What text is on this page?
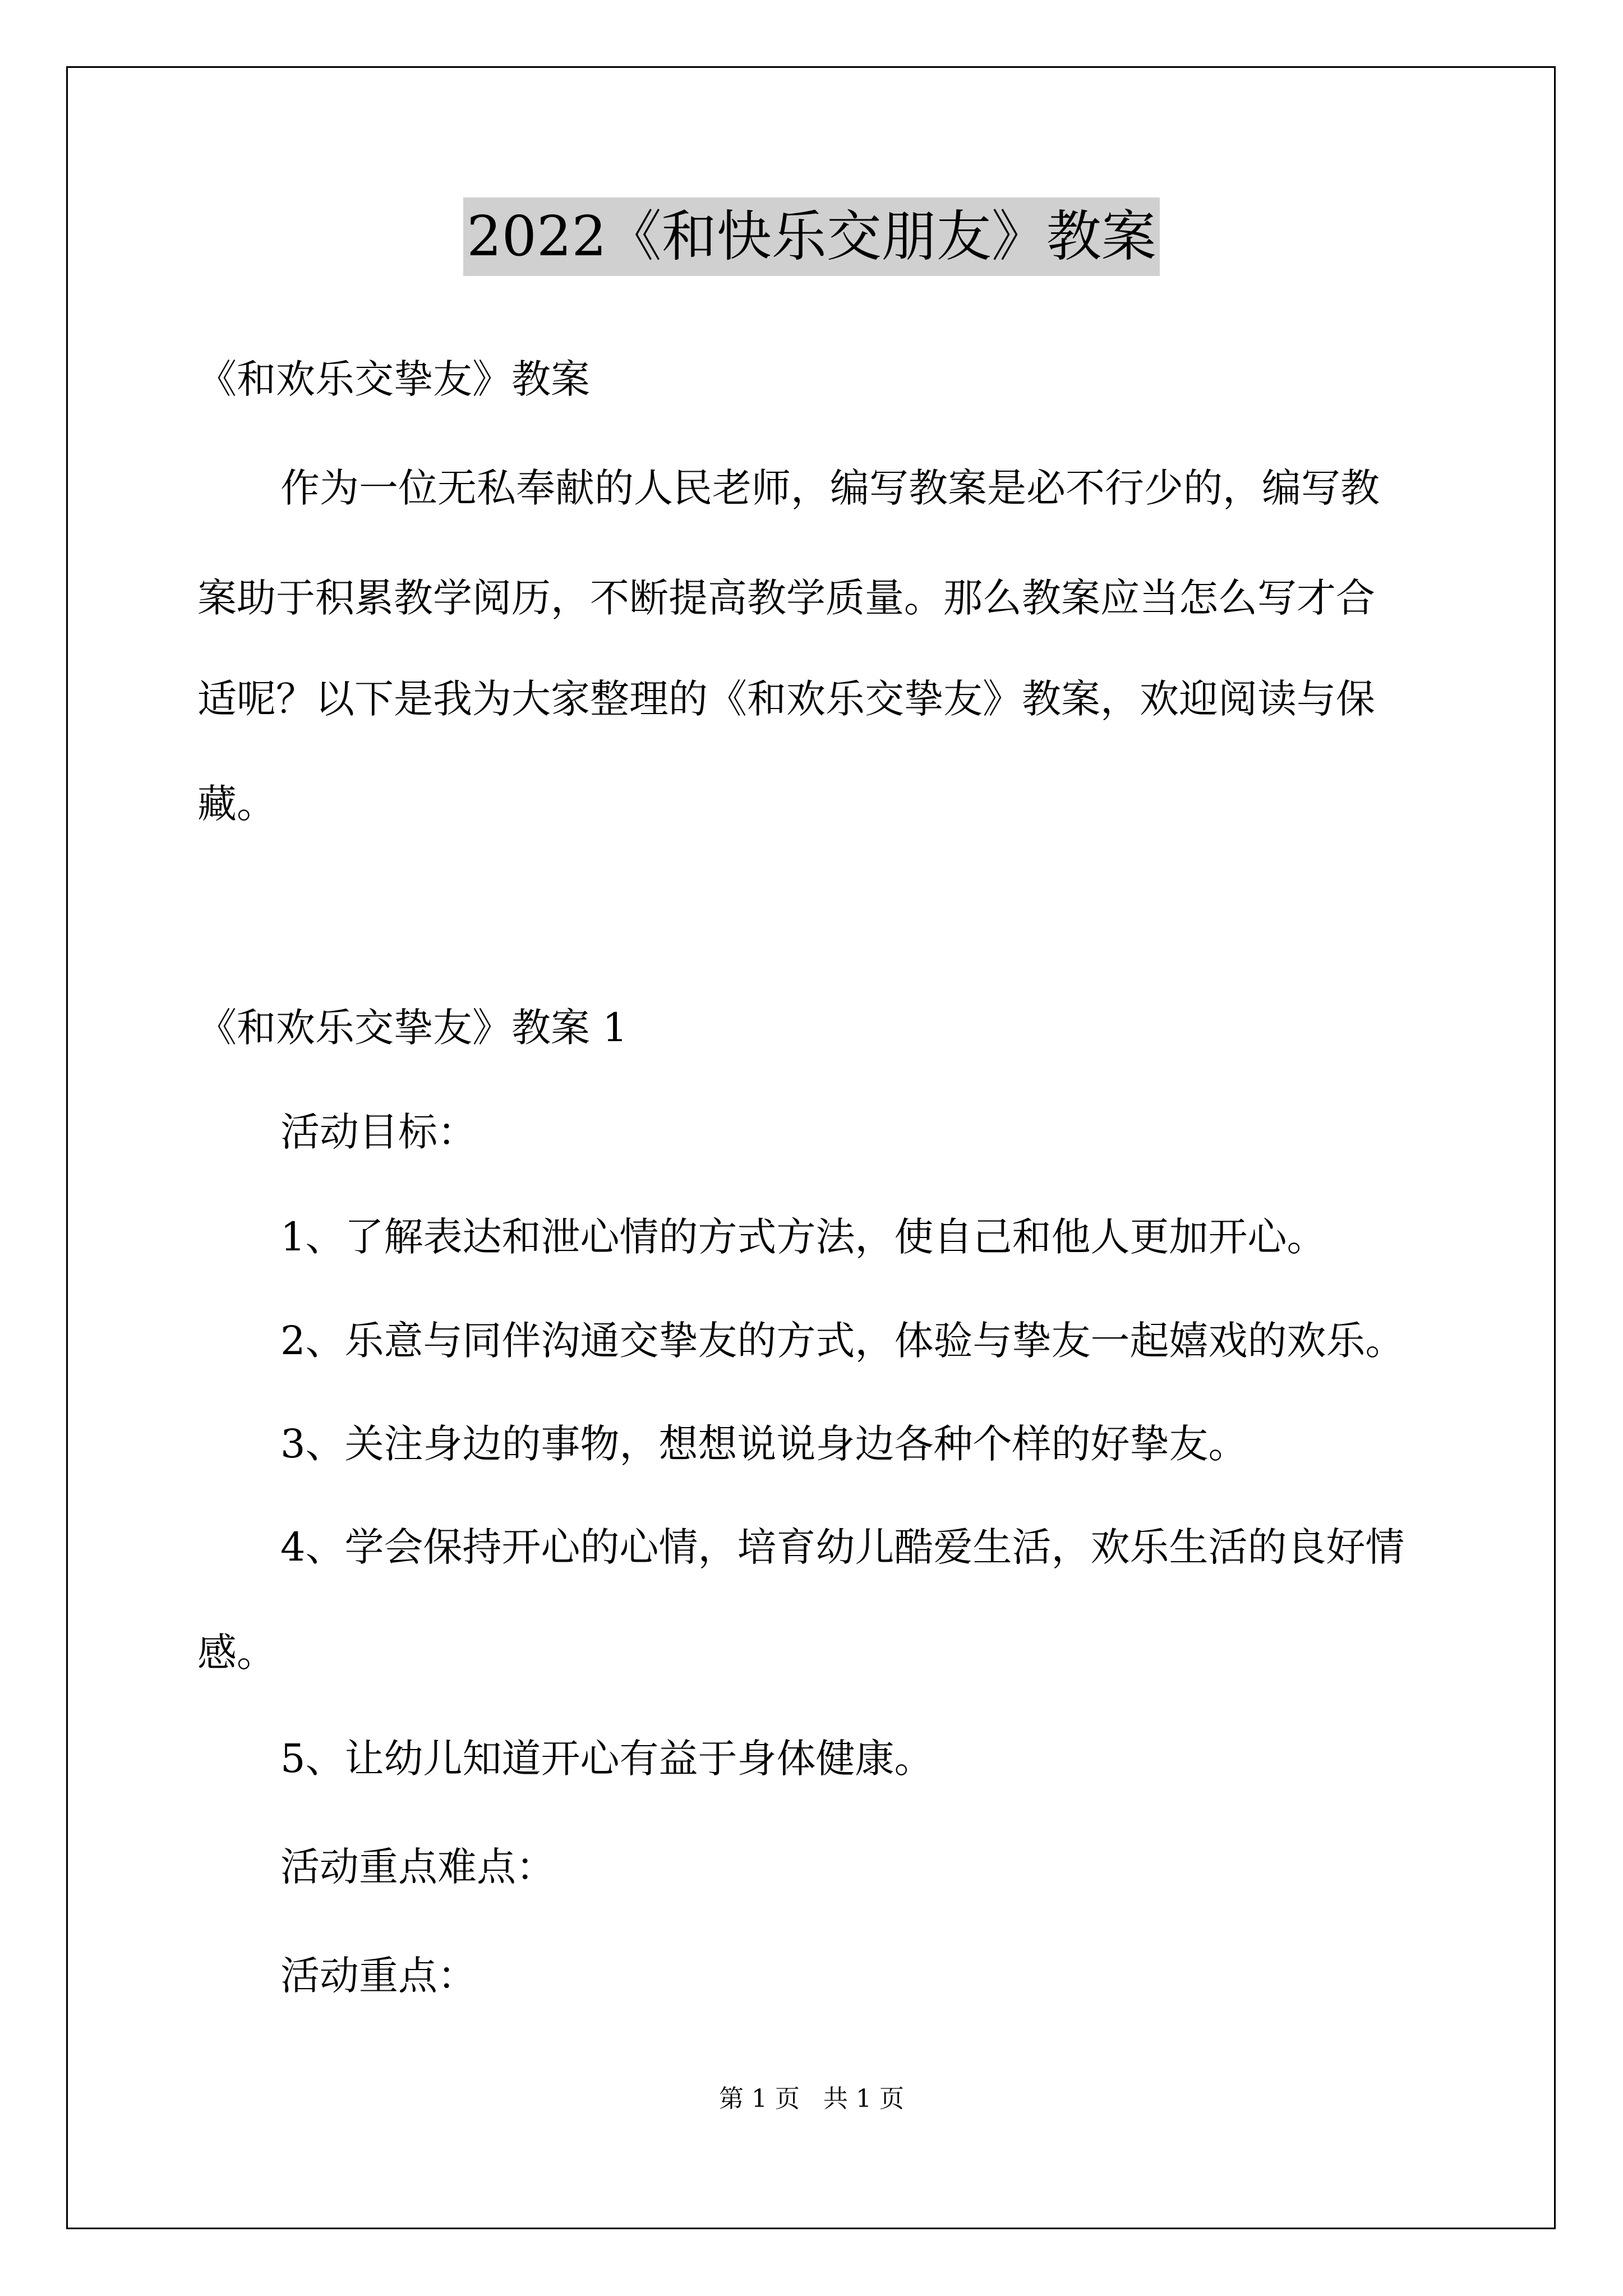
2022《和快乐交朋友》教案
《和欢乐交挚友》教案
作为一位无私奉献的人民老师，编写教案是必不行少的，编写教
案助于积累教学阅历，不断提高教学质量。那么教案应当怎么写才合
适呢？以下是我为大家整理的《和欢乐交挚友》教案，欢迎阅读与保
藏。
《和欢乐交挚友》教案 1
活动目标：
1、了解表达和泄心情的方式方法，使自己和他人更加开心。
2、乐意与同伴沟通交挚友的方式，体验与挚友一起嬉戏的欢乐。
3、关注身边的事物，想想说说身边各种个样的好挚友。
4、学会保持开心的心情，培育幼儿酷爱生活，欢乐生活的良好情
感。
5、让幼儿知道开心有益于身体健康。
活动重点难点：
活动重点：
第 1 页 共 1 页
